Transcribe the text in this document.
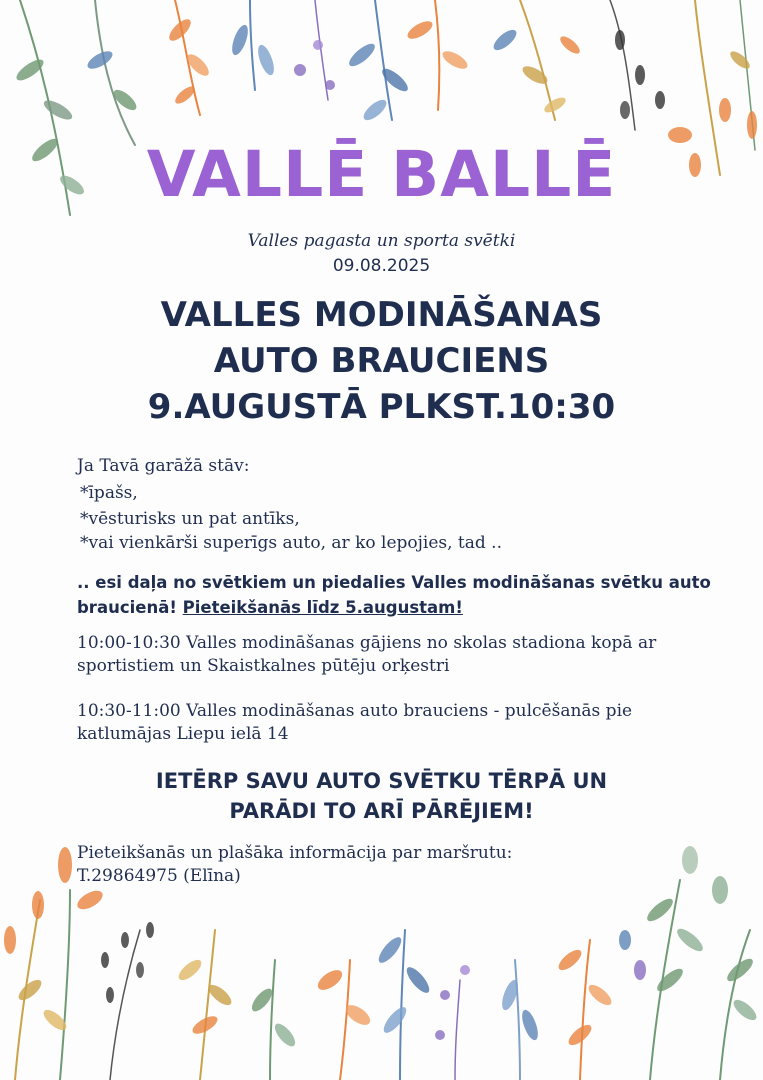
VALLĒ BALLĒ
Valles pagasta un sporta svētki
09.08.2025
VALLES MODINĀŠANAS
AUTO BRAUCIENS
9.AUGUSTĀ PLKST.10:30
Ja Tavā garāžā stāv:
*īpašs,
*vēsturisks un pat antīks,
*vai vienkārši superīgs auto, ar ko lepojies, tad ..
.. esi daļa no svētkiem un piedalies Valles modināšanas svētku auto braucienā! Pieteikšanās līdz 5.augustam!
10:00-10:30 Valles modināšanas gājiens no skolas stadiona kopā ar sportistiem un Skaistkalnes pūtēju orķestri
10:30-11:00 Valles modināšanas auto brauciens - pulcēšanās pie katlumājas Liepu ielā 14
IETĒRP SAVU AUTO SVĒTKU TĒRPĀ UN
PARĀDI TO ARĪ PĀRĒJIEM!
Pieteikšanās un plašāka informācija par maršrutu:
T.29864975 (Elīna)
